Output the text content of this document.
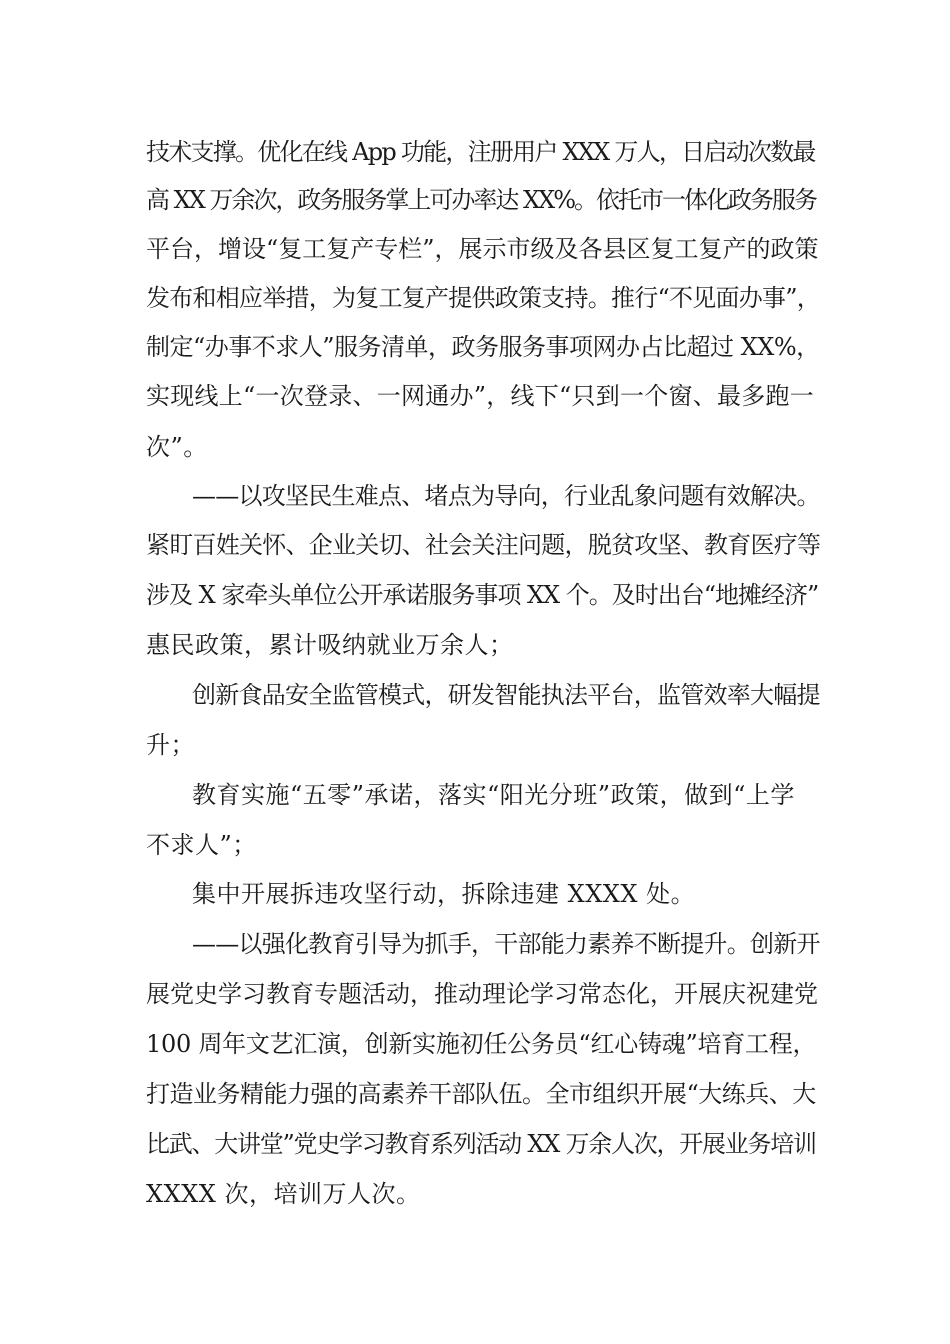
技术支撑。优化在线 App 功能，注册用户 XXX 万人，日启动次数最
高 XX 万余次，政务服务掌上可办率达 XX%。依托市一体化政务服务
平台，增设“复工复产专栏”，展示市级及各县区复工复产的政策
发布和相应举措，为复工复产提供政策支持。推行“不见面办事”，
制定“办事不求人”服务清单，政务服务事项网办占比超过 XX%，
实现线上“一次登录、一网通办”，线下“只到一个窗、最多跑一
次”。
——以攻坚民生难点、堵点为导向，行业乱象问题有效解决。
紧盯百姓关怀、企业关切、社会关注问题，脱贫攻坚、教育医疗等
涉及 X 家牵头单位公开承诺服务事项 XX 个。及时出台“地摊经济”
惠民政策，累计吸纳就业万余人；
创新食品安全监管模式，研发智能执法平台，监管效率大幅提
升；
教育实施“五零”承诺，落实“阳光分班”政策，做到“上学
不求人”；
集中开展拆违攻坚行动，拆除违建 XXXX 处。
——以强化教育引导为抓手，干部能力素养不断提升。创新开
展党史学习教育专题活动，推动理论学习常态化，开展庆祝建党
100 周年文艺汇演，创新实施初任公务员“红心铸魂”培育工程，
打造业务精能力强的高素养干部队伍。全市组织开展“大练兵、大
比武、大讲堂”党史学习教育系列活动 XX 万余人次，开展业务培训
XXXX 次，培训万人次。
